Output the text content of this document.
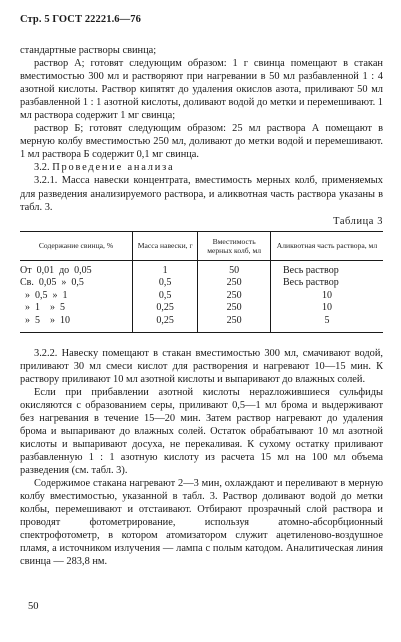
Стр. 5 ГОСТ 22221.6—76

стандартные растворы свинца;

раствор А; готовят следующим образом: 1 г свинца помещают в стакан вместимостью 300 мл и растворяют при нагревании в 50 мл разбавленной 1 : 4 азотной кислоты. Раствор кипятят до удаления окислов азота, приливают 50 мл разбавленной 1 : 1 азотной кислоты, доливают водой до метки и перемешивают. 1 мл раствора содержит 1 мг свинца;

раствор Б; готовят следующим образом: 25 мл раствора А помещают в мерную колбу вместимостью 250 мл, доливают до метки водой и перемешивают. 1 мл раствора Б содержит 0,1 мг свинца.

3.2. Проведение анализа

3.2.1. Масса навески концентрата, вместимость мерных колб, применяемых для разведения анализируемого раствора, и аликвотная часть раствора указаны в табл. 3.

Таблица 3
Содержание свинца, %	Масса навески, г	Вместимость мерных колб, мл	Аликвотная часть раствора, мл
От  0,01  до  0,05	1	50	Весь раствор
Св.  0,05  »  0,5	0,5	250	Весь раствор
»  0,5  »  1	0,5	250	10
»  1    »  5	0,25	250	10
»  5    »  10	0,25	250	5

3.2.2. Навеску помещают в стакан вместимостью 300 мл, смачивают водой, приливают 30 мл смеси кислот для растворения и нагревают 10—15 мин. К раствору приливают 10 мл азотной кислоты и выпаривают до влажных солей.

Если при прибавлении азотной кислоты нерazложившиеся сульфиды окисляются с образованием серы, приливают 0,5—1 мл брома и выдерживают без нагревания в течение 15—20 мин. Затем раствор нагревают до удаления брома и выпаривают до влажных солей. Остаток обрабатывают 10 мл азотной кислоты и выпаривают досуха, не перекаливая. К сухому остатку приливают разбавленную 1 : 1 азотную кислоту из расчета 15 мл на 100 мл объема разведения (см. табл. 3).

Содержимое стакана нагревают 2—3 мин, охлаждают и переливают в мерную колбу вместимостью, указанной в табл. 3. Раствор доливают водой до метки колбы, перемешивают и отстаивают. Отбирают прозрачный слой раствора и проводят фотометрирование, используя атомно-абсорбционный спектрофотометр, в котором атомизатором служит ацетиленово-воздушное пламя, а источником излучения — лампа с полым катодом. Аналитическая линия свинца — 283,8 нм.

50
